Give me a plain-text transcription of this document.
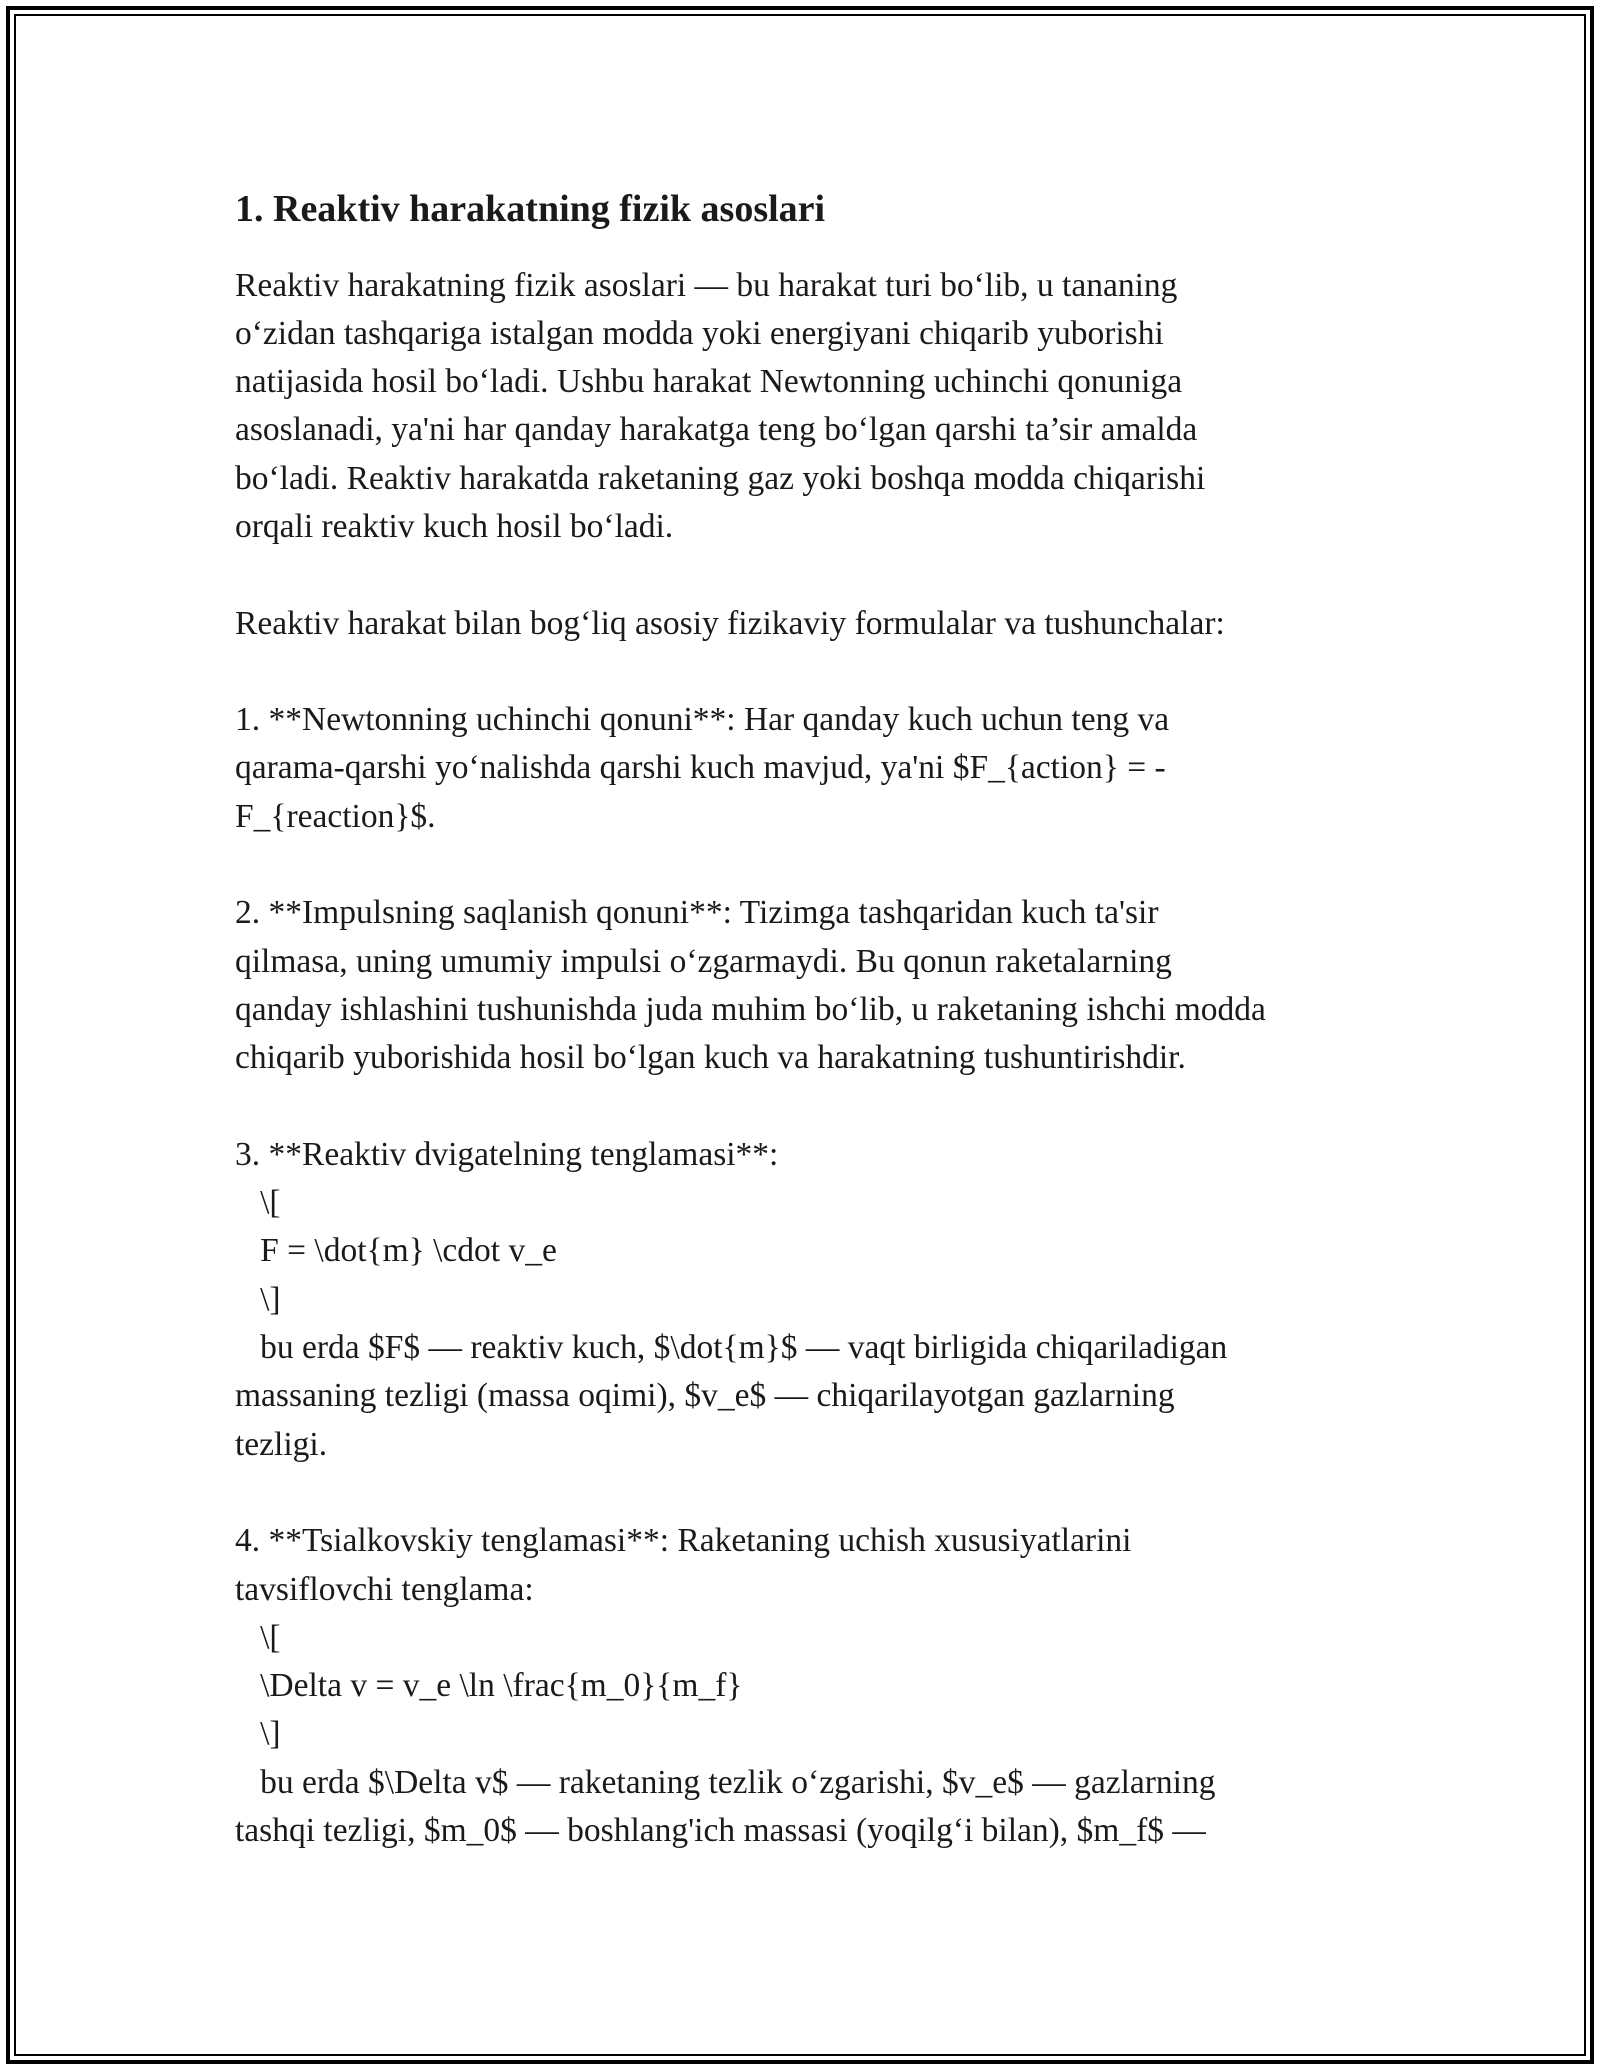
1. Reaktiv harakatning fizik asoslari

Reaktiv harakatning fizik asoslari — bu harakat turi bo‘lib, u tananing
o‘zidan tashqariga istalgan modda yoki energiyani chiqarib yuborishi
natijasida hosil bo‘ladi. Ushbu harakat Newtonning uchinchi qonuniga
asoslanadi, ya'ni har qanday harakatga teng bo‘lgan qarshi ta’sir amalda
bo‘ladi. Reaktiv harakatda raketaning gaz yoki boshqa modda chiqarishi
orqali reaktiv kuch hosil bo‘ladi.

Reaktiv harakat bilan bog‘liq asosiy fizikaviy formulalar va tushunchalar:

1. **Newtonning uchinchi qonuni**: Har qanday kuch uchun teng va
qarama-qarshi yo‘nalishda qarshi kuch mavjud, ya'ni $F_{action} = -
F_{reaction}$.

2. **Impulsning saqlanish qonuni**: Tizimga tashqaridan kuch ta'sir
qilmasa, uning umumiy impulsi o‘zgarmaydi. Bu qonun raketalarning
qanday ishlashini tushunishda juda muhim bo‘lib, u raketaning ishchi modda
chiqarib yuborishida hosil bo‘lgan kuch va harakatning tushuntirishdir.

3. **Reaktiv dvigatelning tenglamasi**:
\[
F = \dot{m} \cdot v_e
\]
bu erda $F$ — reaktiv kuch, $\dot{m}$ — vaqt birligida chiqariladigan
massaning tezligi (massa oqimi), $v_e$ — chiqarilayotgan gazlarning
tezligi.

4. **Tsialkovskiy tenglamasi**: Raketaning uchish xususiyatlarini
tavsiflovchi tenglama:
\[
\Delta v = v_e \ln \frac{m_0}{m_f}
\]
bu erda $\Delta v$ — raketaning tezlik o‘zgarishi, $v_e$ — gazlarning
tashqi tezligi, $m_0$ — boshlang'ich massasi (yoqilg‘i bilan), $m_f$ —
